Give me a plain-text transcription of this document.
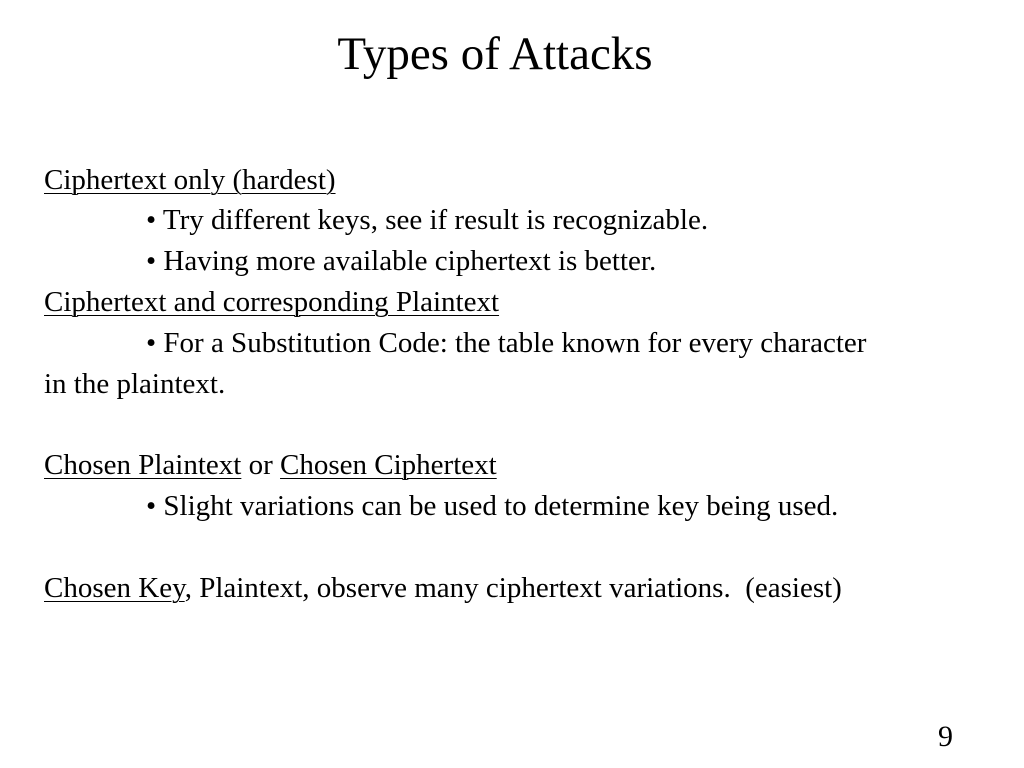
Types of Attacks
Ciphertext only (hardest)
• Try different keys, see if result is recognizable.
• Having more available ciphertext is better.
Ciphertext and corresponding Plaintext
• For a Substitution Code: the table known for every character
in the plaintext.
Chosen Plaintext or Chosen Ciphertext
• Slight variations can be used to determine key being used.
Chosen Key, Plaintext, observe many ciphertext variations.  (easiest)
9
